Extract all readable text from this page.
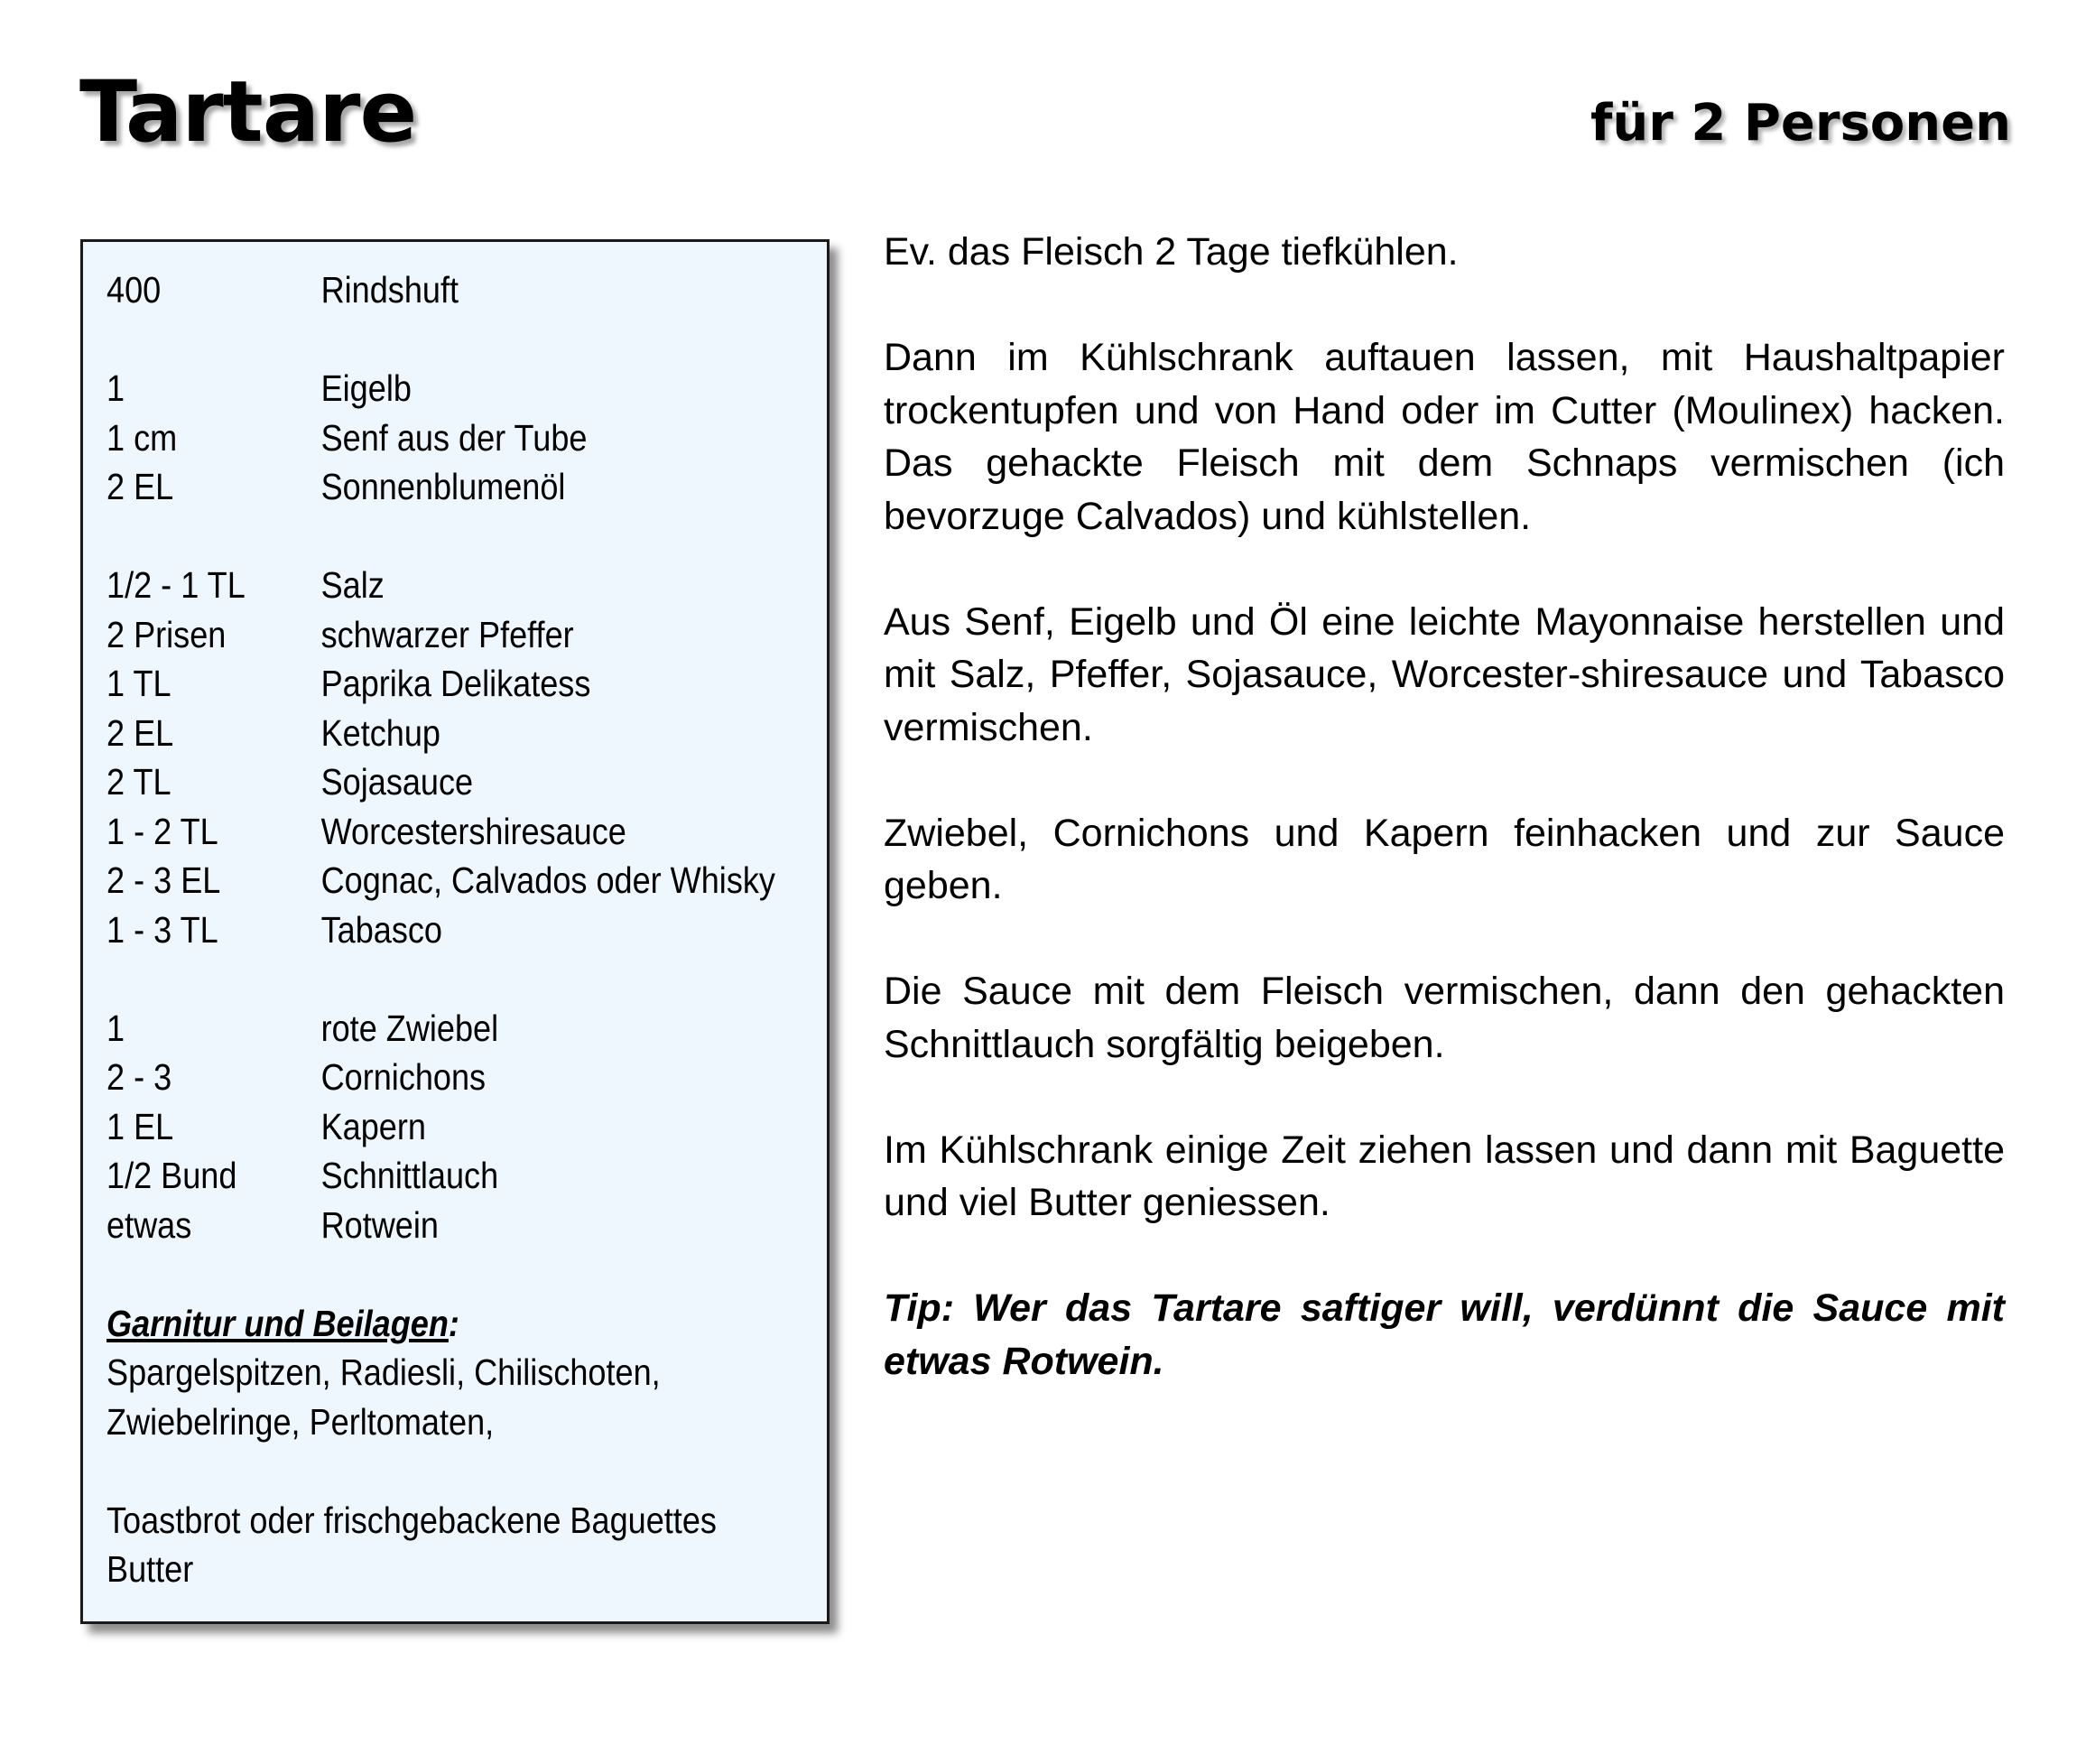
Tartare	für 2 Personen
400	Rindshuft
1	Eigelb
1 cm	Senf aus der Tube
2 EL	Sonnenblumenöl
1/2 - 1 TL	Salz
2 Prisen	schwarzer Pfeffer
1 TL	Paprika Delikatess
2 EL	Ketchup
2 TL	Sojasauce
1 - 2 TL	Worcestershiresauce
2 - 3 EL	Cognac, Calvados oder Whisky
1 - 3 TL	Tabasco
1	rote Zwiebel
2 - 3	Cornichons
1 EL	Kapern
1/2 Bund	Schnittlauch
etwas	Rotwein
Garnitur und Beilagen:
Spargelspitzen, Radiesli, Chilischoten,
Zwiebelringe, Perltomaten,
Toastbrot oder frischgebackene Baguettes
Butter

Ev. das Fleisch 2 Tage tiefkühlen.

Dann im Kühlschrank auftauen lassen, mit Haushaltpapier trockentupfen und von Hand oder im Cutter (Moulinex) hacken. Das gehackte Fleisch mit dem Schnaps vermischen (ich bevorzuge Calvados) und kühlstellen.

Aus Senf, Eigelb und Öl eine leichte Mayonnaise herstellen und mit Salz, Pfeffer, Sojasauce, Worcester-shiresauce und Tabasco vermischen.

Zwiebel, Cornichons und Kapern feinhacken und zur Sauce geben.

Die Sauce mit dem Fleisch vermischen, dann den gehackten Schnittlauch sorgfältig beigeben.

Im Kühlschrank einige Zeit ziehen lassen und dann mit Baguette und viel Butter geniessen.

Tip: Wer das Tartare saftiger will, verdünnt die Sauce mit etwas Rotwein.
